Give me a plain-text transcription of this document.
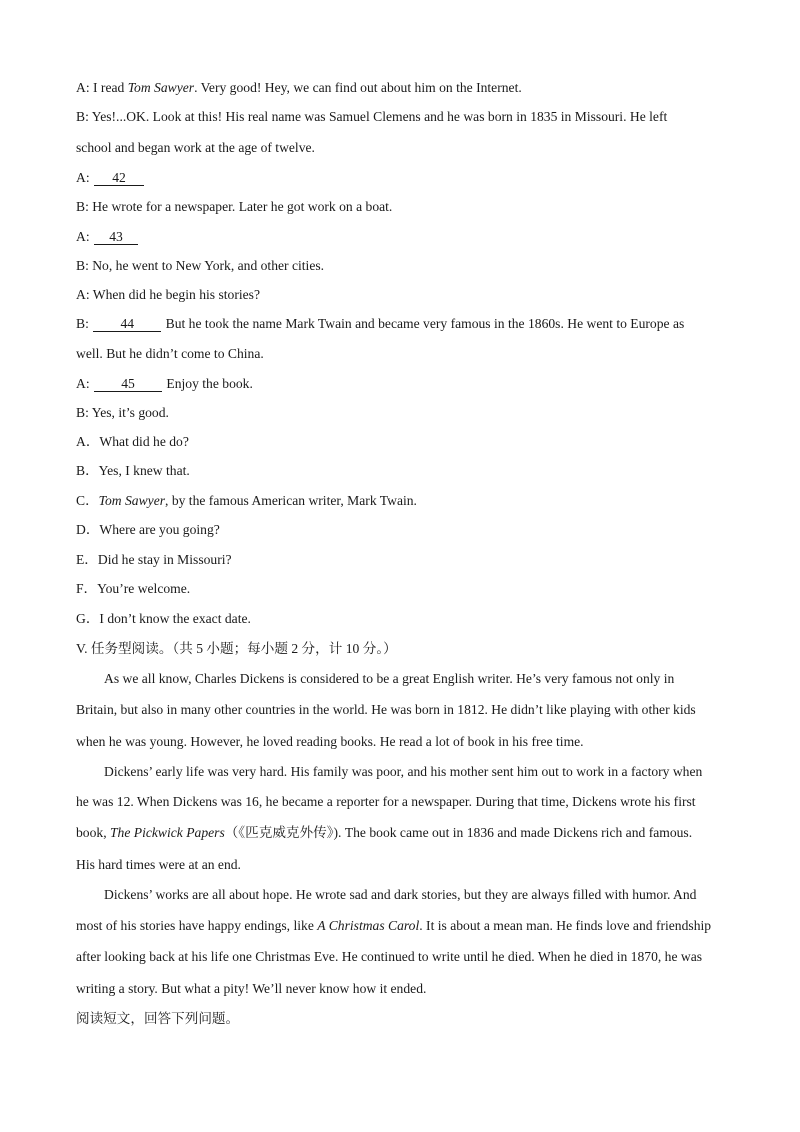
A: I read Tom Sawyer. Very good! Hey, we can find out about him on the Internet.
B: Yes!...OK. Look at this! His real name was Samuel Clemens and he was born in 1835 in Missouri. He left
school and began work at the age of twelve.
A: 42
B: He wrote for a newspaper. Later he got work on a boat.
A: 43
B: No, he went to New York, and other cities.
A: When did he begin his stories?
B: 44 But he took the name Mark Twain and became very famous in the 1860s. He went to Europe as
well. But he didn’t come to China.
A: 45 Enjoy the book.
B: Yes, it’s good.
A．What did he do?
B．Yes, I knew that.
C．Tom Sawyer, by the famous American writer, Mark Twain.
D．Where are you going?
E．Did he stay in Missouri?
F．You’re welcome.
G．I don’t know the exact date.
V. 任务型阅读。（共 5 小题；每小题 2 分，计 10 分。）
As we all know, Charles Dickens is considered to be a great English writer. He’s very famous not only in
Britain, but also in many other countries in the world. He was born in 1812. He didn’t like playing with other kids
when he was young. However, he loved reading books. He read a lot of book in his free time.
Dickens’ early life was very hard. His family was poor, and his mother sent him out to work in a factory when
he was 12. When Dickens was 16, he became a reporter for a newspaper. During that time, Dickens wrote his first
book, The Pickwick Papers（《匹克威克外传》). The book came out in 1836 and made Dickens rich and famous.
His hard times were at an end.
Dickens’ works are all about hope. He wrote sad and dark stories, but they are always filled with humor. And
most of his stories have happy endings, like A Christmas Carol. It is about a mean man. He finds love and friendship
after looking back at his life one Christmas Eve. He continued to write until he died. When he died in 1870, he was
writing a story. But what a pity! We’ll never know how it ended.
阅读短文，回答下列问题。
